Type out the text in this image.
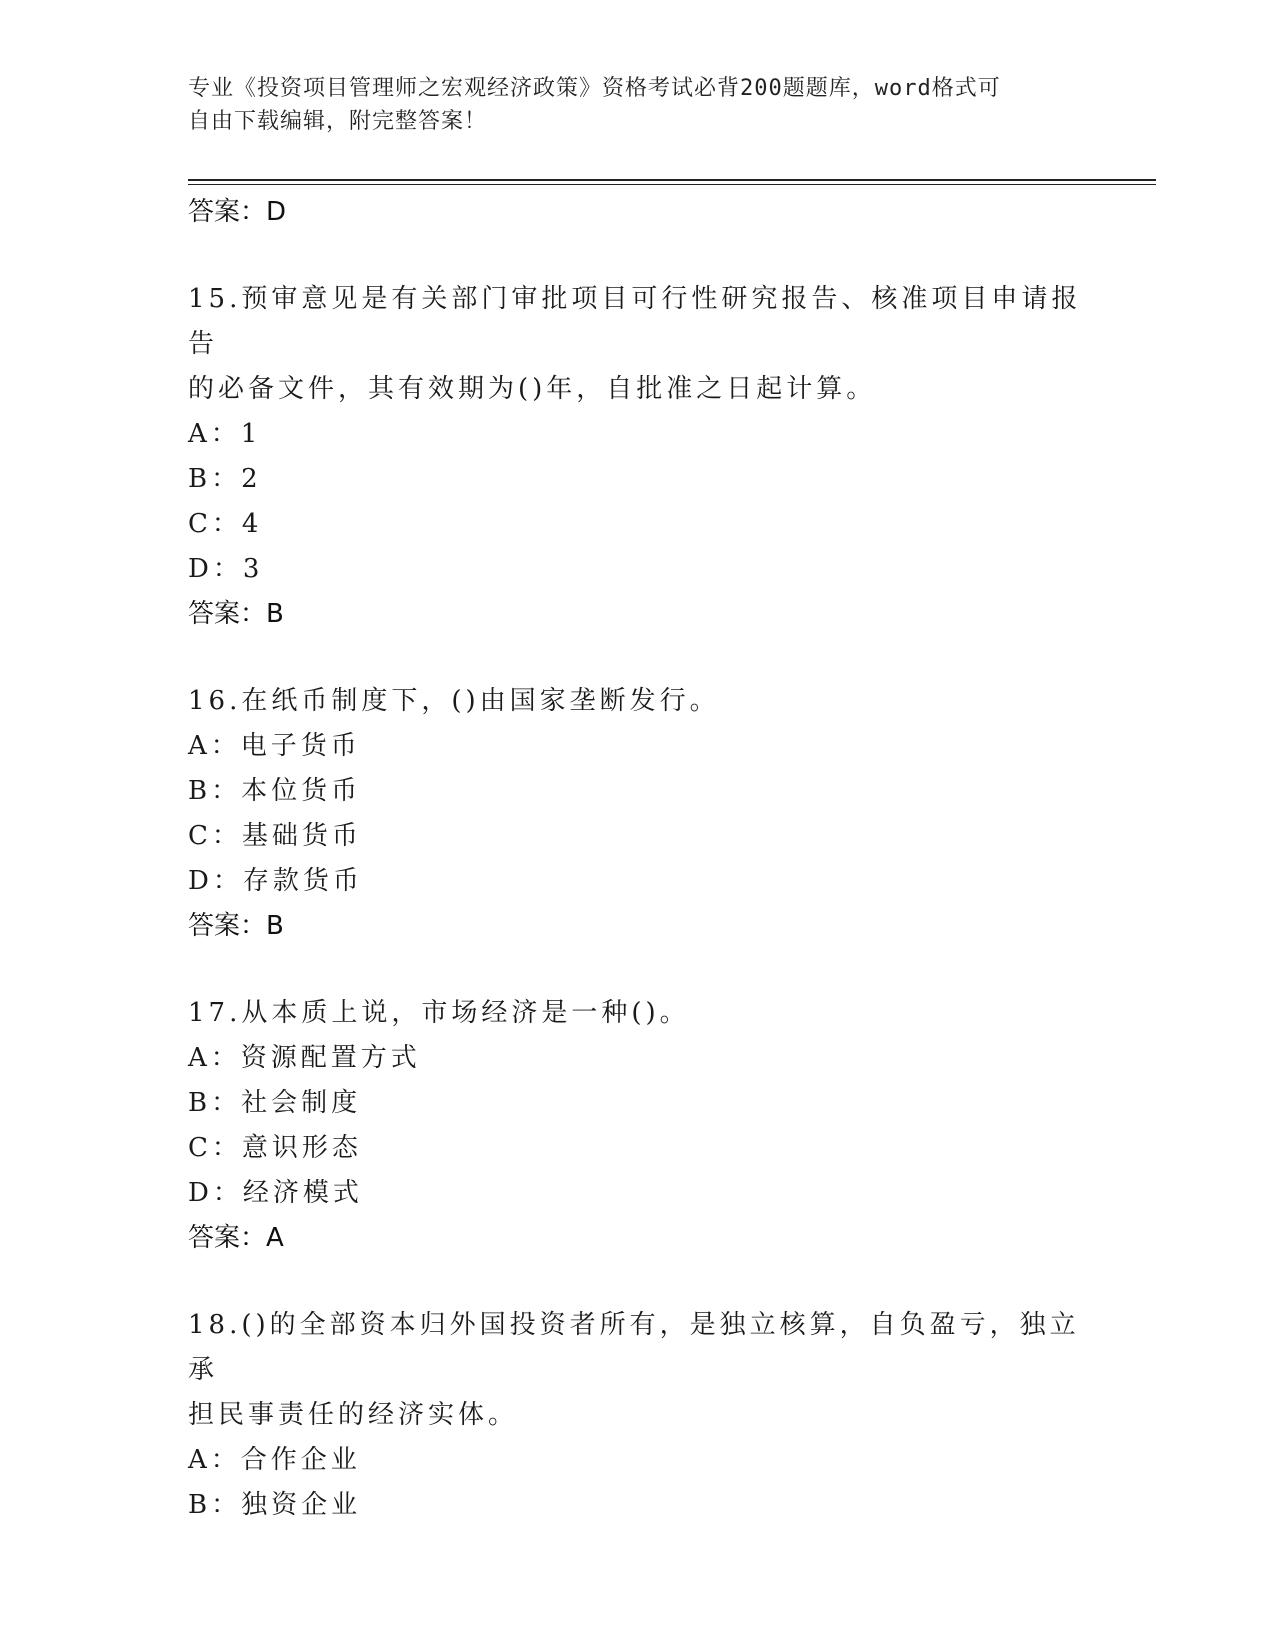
专业《投资项目管理师之宏观经济政策》资格考试必背200题题库，word格式可
自由下载编辑，附完整答案！
答案：D
15.预审意见是有关部门审批项目可行性研究报告、核准项目申请报告
的必备文件，其有效期为()年，自批准之日起计算。
A：1
B：2
C：4
D：3
答案：B
16.在纸币制度下，()由国家垄断发行。
A：电子货币
B：本位货币
C：基础货币
D：存款货币
答案：B
17.从本质上说，市场经济是一种()。
A：资源配置方式
B：社会制度
C：意识形态
D：经济模式
答案：A
18.()的全部资本归外国投资者所有，是独立核算，自负盈亏，独立承
担民事责任的经济实体。
A：合作企业
B：独资企业
